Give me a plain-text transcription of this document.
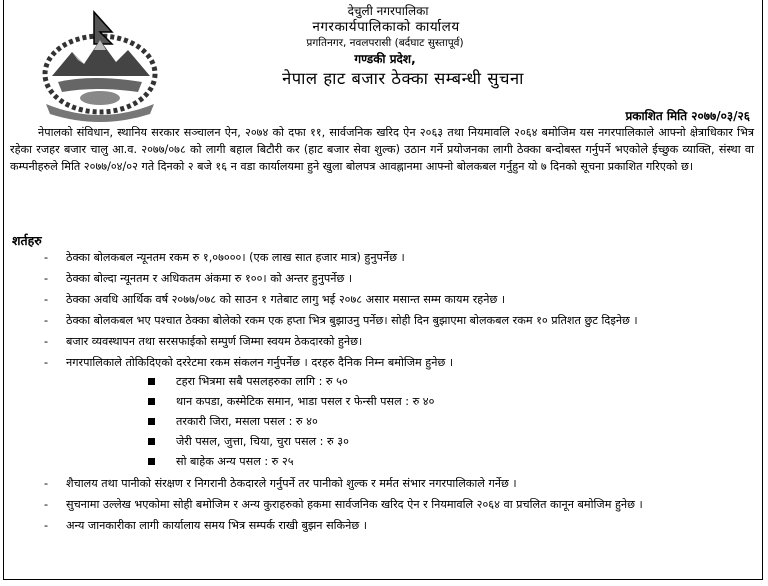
देचुली नगरपालिका
नगरकार्यपालिकाको कार्यालय
प्रगतिनगर, नवलपरासी (बर्दघाट सुस्तापूर्व)
गण्डकी प्रदेश,
नेपाल हाट बजार ठेक्का सम्बन्धी सुचना
प्रकाशित मिति २०७७/०३/२६

नेपालको संविधान, स्थानिय सरकार सञ्चालन ऐन, २०७४ को दफा ११, सार्वजनिक खरिद ऐन २०६३ तथा नियमावलि २०६४ बमोजिम यस नगरपालिकाले आफ्नो क्षेत्राधिकार भित्र रहेका रजहर बजार चालु आ.व. २०७७/०७८ को लागी बहाल बिटौरी कर (हाट बजार सेवा शुल्क) उठान गर्ने प्रयोजनका लागी ठेक्का बन्दोबस्त गर्नुपर्ने भएकोले ईच्छुक व्याक्ति, संस्था वा कम्पनीहरुले मिति २०७७/०४/०२ गते दिनको २ बजे १६ न वडा कार्यालयमा हुने खुला बोलपत्र आवह्नानमा आफ्नो बोलकबल गर्नुहुन यो ७ दिनको सूचना प्रकाशित गरिएको छ।

शर्तहरु
- ठेक्का बोलकबल न्यूनतम रकम रु १,०७०००। (एक लाख सात हजार मात्र) हुनुपर्नेछ ।
- ठेक्का बोल्दा न्यूनतम र अधिकतम अंकमा रु १००। को अन्तर हुनुपर्नेछ ।
- ठेक्का अवधि आर्थिक वर्ष २०७७/०७८ को साउन १ गतेबाट लागु भई २०७८ असार मसान्त सम्म कायम रहनेछ ।
- ठेक्का बोलकबल भए पश्चात ठेक्का बोलेको रकम एक हप्ता भित्र बुझाउनु पर्नेछ। सोही दिन बुझाएमा बोलकबल रकम १० प्रतिशत छुट दिइनेछ ।
- बजार व्यवस्थापन तथा सरसफाईको सम्पुर्ण जिम्मा स्वयम ठेकदारको हुनेछ।
- नगरपालिकाले तोकिदिएको दररेटमा रकम संकलन गर्नुपर्नेछ । दरहरु दैनिक निम्न बमोजिम हुनेछ ।
टहरा भित्रमा सबै पसलहरुका लागि : रु ५०
थान कपडा, कस्मेटिक समान, भाडा पसल र फेन्सी पसल : रु ४०
तरकारी जिरा, मसला पसल : रु ४०
जेरी पसल, जुत्ता, चिया, चुरा पसल : रु ३०
सो बाहेक अन्य पसल : रु २५
- शैचालय तथा पानीको संरक्षण र निगरानी ठेकदारले गर्नुपर्ने तर पानीको शुल्क र मर्मत संभार नगरपालिकाले गर्नेछ ।
- सुचनामा उल्लेख भएकोमा सोही बमोजिम र अन्य कुराहरुको हकमा सार्वजनिक खरिद ऐन र नियमावलि २०६४ वा प्रचलित कानून बमोजिम हुनेछ ।
- अन्य जानकारीका लागी कार्यालाय समय भित्र सम्पर्क राखी बुझन सकिनेछ ।
